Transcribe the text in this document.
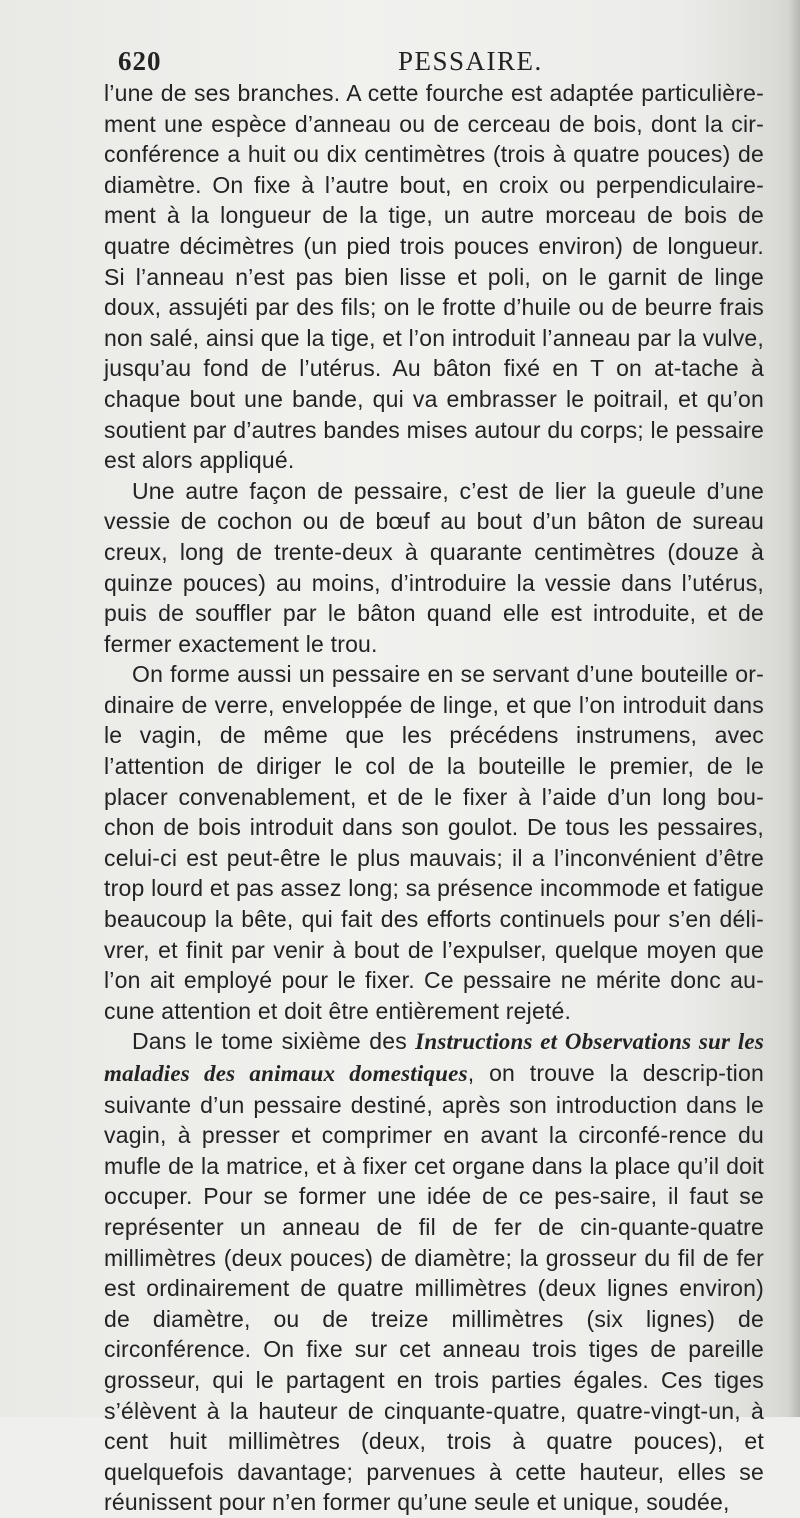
620	PESSAIRE.

l’une de ses branches. A cette fourche est adaptée particulière-ment une espèce d’anneau ou de cerceau de bois, dont la cir-conférence a huit ou dix centimètres (trois à quatre pouces) de diamètre. On fixe à l’autre bout, en croix ou perpendiculaire-ment à la longueur de la tige, un autre morceau de bois de quatre décimètres (un pied trois pouces environ) de longueur. Si l’anneau n’est pas bien lisse et poli, on le garnit de linge doux, assujéti par des fils; on le frotte d’huile ou de beurre frais non salé, ainsi que la tige, et l’on introduit l’anneau par la vulve, jusqu’au fond de l’utérus. Au bâton fixé en T on at-tache à chaque bout une bande, qui va embrasser le poitrail, et qu’on soutient par d’autres bandes mises autour du corps; le pessaire est alors appliqué.

Une autre façon de pessaire, c’est de lier la gueule d’une vessie de cochon ou de bœuf au bout d’un bâton de sureau creux, long de trente-deux à quarante centimètres (douze à quinze pouces) au moins, d’introduire la vessie dans l’utérus, puis de souffler par le bâton quand elle est introduite, et de fermer exactement le trou.

On forme aussi un pessaire en se servant d’une bouteille or-dinaire de verre, enveloppée de linge, et que l’on introduit dans le vagin, de même que les précédens instrumens, avec l’attention de diriger le col de la bouteille le premier, de le placer convenablement, et de le fixer à l’aide d’un long bou-chon de bois introduit dans son goulot. De tous les pessaires, celui-ci est peut-être le plus mauvais; il a l’inconvénient d’être trop lourd et pas assez long; sa présence incommode et fatigue beaucoup la bête, qui fait des efforts continuels pour s’en déli-vrer, et finit par venir à bout de l’expulser, quelque moyen que l’on ait employé pour le fixer. Ce pessaire ne mérite donc au-cune attention et doit être entièrement rejeté.

Dans le tome sixième des Instructions et Observations sur les maladies des animaux domestiques, on trouve la descrip-tion suivante d’un pessaire destiné, après son introduction dans le vagin, à presser et comprimer en avant la circonfé-rence du mufle de la matrice, et à fixer cet organe dans la place qu’il doit occuper. Pour se former une idée de ce pes-saire, il faut se représenter un anneau de fil de fer de cin-quante-quatre millimètres (deux pouces) de diamètre; la grosseur du fil de fer est ordinairement de quatre millimètres (deux lignes environ) de diamètre, ou de treize millimètres (six lignes) de circonférence. On fixe sur cet anneau trois tiges de pareille grosseur, qui le partagent en trois parties égales. Ces tiges s’élèvent à la hauteur de cinquante-quatre, quatre-vingt-un, à cent huit millimètres (deux, trois à quatre pouces), et quelquefois davantage; parvenues à cette hauteur, elles se réunissent pour n’en former qu’une seule et unique, soudée,
